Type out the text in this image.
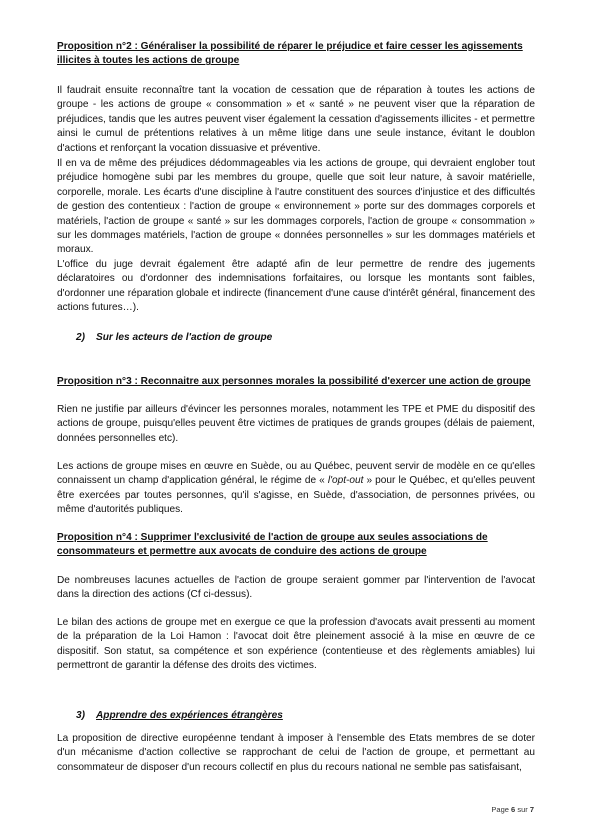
Proposition n°2 : Généraliser la possibilité de réparer le préjudice et faire cesser les agissements illicites à toutes les actions de groupe
Il faudrait ensuite reconnaître tant la vocation de cessation que de réparation à toutes les actions de groupe - les actions de groupe « consommation » et « santé » ne peuvent viser que la réparation de préjudices, tandis que les autres peuvent viser également la cessation d'agissements illicites - et permettre ainsi le cumul de prétentions relatives à un même litige dans une seule instance, évitant le doublon d'actions et renforçant la vocation dissuasive et préventive.
Il en va de même des préjudices dédommageables via les actions de groupe, qui devraient englober tout préjudice homogène subi par les membres du groupe, quelle que soit leur nature, à savoir matérielle, corporelle, morale. Les écarts d'une discipline à l'autre constituent des sources d'injustice et des difficultés de gestion des contentieux : l'action de groupe « environnement » porte sur des dommages corporels et matériels, l'action de groupe « santé » sur les dommages corporels, l'action de groupe « consommation » sur les dommages matériels, l'action de groupe « données personnelles » sur les dommages matériels et moraux.
L'office du juge devrait également être adapté afin de leur permettre de rendre des jugements déclaratoires ou d'ordonner des indemnisations forfaitaires, ou lorsque les montants sont faibles, d'ordonner une réparation globale et indirecte (financement d'une cause d'intérêt général, financement des actions futures…).
2) Sur les acteurs de l'action de groupe
Proposition n°3 : Reconnaitre aux personnes morales la possibilité d'exercer une action de groupe
Rien ne justifie par ailleurs d'évincer les personnes morales, notamment les TPE et PME du dispositif des actions de groupe, puisqu'elles peuvent être victimes de pratiques de grands groupes (délais de paiement, données personnelles etc).
Les actions de groupe mises en œuvre en Suède, ou au Québec, peuvent servir de modèle en ce qu'elles connaissent un champ d'application général, le régime de « l'opt-out » pour le Québec, et qu'elles peuvent être exercées par toutes personnes, qu'il s'agisse, en Suède, d'association, de personnes privées, ou même d'autorités publiques.
Proposition n°4 : Supprimer l'exclusivité de l'action de groupe aux seules associations de consommateurs et permettre aux avocats de conduire des actions de groupe
De nombreuses lacunes actuelles de l'action de groupe seraient gommer par l'intervention de l'avocat dans la direction des actions (Cf ci-dessus).
Le bilan des actions de groupe met en exergue ce que la profession d'avocats avait pressenti au moment de la préparation de la Loi Hamon : l'avocat doit être pleinement associé à la mise en œuvre de ce dispositif. Son statut, sa compétence et son expérience (contentieuse et des règlements amiables) lui permettront de garantir la défense des droits des victimes.
3) Apprendre des expériences étrangères
La proposition de directive européenne tendant à imposer à l'ensemble des Etats membres de se doter d'un mécanisme d'action collective se rapprochant de celui de l'action de groupe, et permettant au consommateur de disposer d'un recours collectif en plus du recours national ne semble pas satisfaisant,
Page 6 sur 7
